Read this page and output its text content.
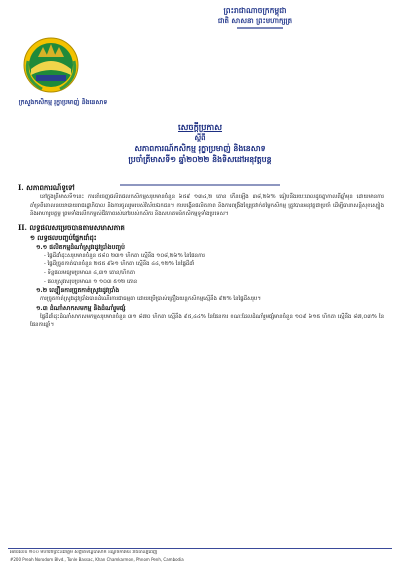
ព្រះរាជាណាចក្រកម្ពុជា
ជាតិ សាសនា ព្រះមហាក្សត្រ
ក្រសួងកសិកម្ម រុក្ខាប្រមាញ់ និងនេសាទ
សេចក្ដីប្រកាស
ស្ដីពី
សភាពការណ៍កសិកម្ម រុក្ខាប្រមាញ់ និងនេសាទ
ប្រចាំត្រីមាសទី១ ឆ្នាំ២០២២ និងទិសដៅអនុវត្តបន្ត
I. សភាពការណ៍ទូទៅ
នៅក្នុងត្រីមាសទី១នេះ ការនាំចេញផលិតផលកសិកម្មសរុបមានចំនួន ៦៥៩ ១៣៤,២ តោន កើនឡើង ៣៨,២៦% ធៀបនឹងរយៈពេលដូចគ្នាកាលពីឆ្នាំមុន ដោយមានការគាំទ្រពីគោលនយោបាយរាជរដ្ឋាភិបាល និងការចូលរួមរបស់វិស័យឯកជន។ ការបង្កើនផលិតភាព និងការពង្រឹងខ្សែច្រវាក់តម្លៃកសិកម្ម ត្រូវបានអនុវត្តជាប្រចាំ ដើម្បីធានាសន្តិសុខស្បៀង និងអាហារូបត្ថម្ភ ព្រមទាំងលើកកម្ពស់ជីវភាពរស់នៅរបស់កសិករ និងសហគមន៍កសិកម្មទូទាំងប្រទេស។
II. លទ្ធផលសម្រេចបានតាមសមាសភាគ
១ លទ្ធផលបញ្ចប់ផ្នែកដាំដុះ
១.១ ផលិតកម្មដំណាំស្រូវរដូវប្រាំងបញ្ចប់
- ផ្ទៃដីដាំដុះសរុបមានចំនួន ៥៨០ ២៣១ ហិកតា ស្មើនឹង ១០៨,២៦% នៃផែនការ
- ផ្ទៃដីច្រូតកាត់បានចំនួន ២៥៥ ៩៦១ ហិកតា ស្មើនឹង ៤៤,១២% នៃផ្ទៃដីដាំ
- ទិន្នផលមធ្យមប្រមាណ ៤,៣១ តោន/ហិកតា
- ផលស្រូវសរុបប្រមាណ ១ ១០៣ ៥១២ តោន
១.២ ល្បឿនការច្រូតកាត់ស្រូវរដូវប្រាំង
ការច្រូតកាត់ស្រូវរដូវប្រាំងបានដំណើរការជាធម្មតា ដោយប្រើប្រាស់គ្រឿងយន្តកសិកម្មស្មើនឹង ៩២% នៃផ្ទៃដីសរុប។
១.៣ ដំណាំសាកសមកម្ម និងដំណាំរួមផ្សំ
ផ្ទៃដីដាំដុះដំណាំសាកសមកម្មសរុបមានចំនួន ៣១ ៨៧០ ហិកតា ស្មើនឹង ៩៥,៤៤% នៃផែនការ ខណៈដែលដំណាំរួមផ្សំមានចំនួន ១០៩ ៦១៥ ហិកតា ស្មើនឹង ៨៧,០៣% នៃផែនការឆ្នាំ។
អគារលេខ ២០០ មហាវិថីព្រះនរោត្តម សង្កាត់ទន្លេបាសាក់ ខណ្ឌចំការមន រាជធានីភ្នំពេញ
#200 Preah Norodom Blvd., Tonle Bassac, Khan Chamkarmon, Phnom Penh, Cambodia
